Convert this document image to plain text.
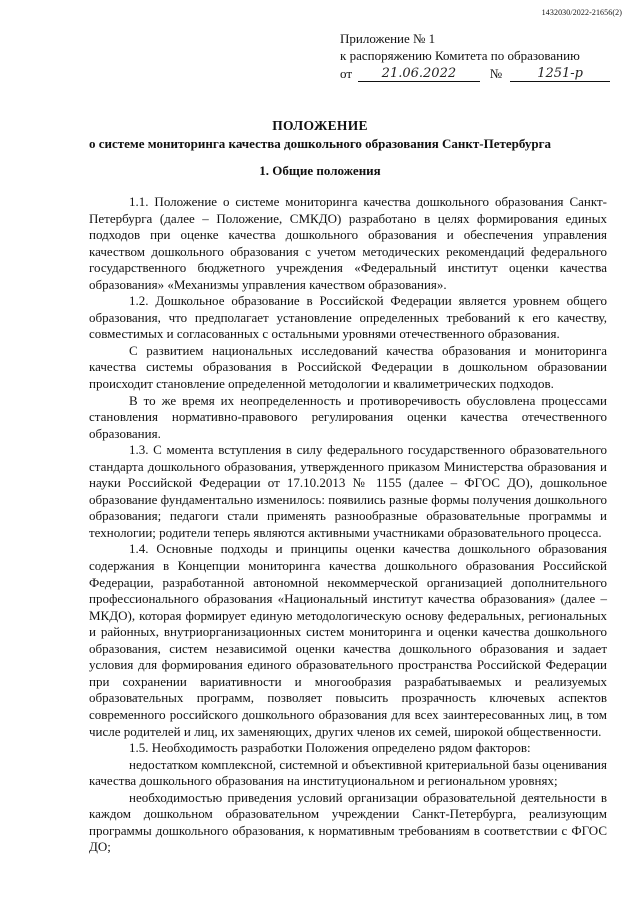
1432030/2022-21656(2)
Приложение № 1
к распоряжению Комитета по образованию
от	21.06.2022	№	1251-р
ПОЛОЖЕНИЕ
о системе мониторинга качества дошкольного образования Санкт-Петербурга
1. Общие положения

1.1. Положение о системе мониторинга качества дошкольного образования Санкт-Петербурга (далее – Положение, СМКДО) разработано в целях формирования единых подходов при оценке качества дошкольного образования и обеспечения управления качеством дошкольного образования с учетом методических рекомендаций федерального государственного бюджетного учреждения «Федеральный институт оценки качества образования» «Механизмы управления качеством образования».

1.2. Дошкольное образование в Российской Федерации является уровнем общего образования, что предполагает установление определенных требований к его качеству, совместимых и согласованных с остальными уровнями отечественного образования.

С развитием национальных исследований качества образования и мониторинга качества системы образования в Российской Федерации в дошкольном образовании происходит становление определенной методологии и квалиметрических подходов.

В то же время их неопределенность и противоречивость обусловлена процессами становления нормативно-правового регулирования оценки качества отечественного образования.

1.3. С момента вступления в силу федерального государственного образовательного стандарта дошкольного образования, утвержденного приказом Министерства образования и науки Российской Федерации от 17.10.2013 № 1155 (далее – ФГОС ДО), дошкольное образование фундаментально изменилось: появились разные формы получения дошкольного образования; педагоги стали применять разнообразные образовательные программы и технологии; родители теперь являются активными участниками образовательного процесса.

1.4. Основные подходы и принципы оценки качества дошкольного образования содержания в Концепции мониторинга качества дошкольного образования Российской Федерации, разработанной автономной некоммерческой организацией дополнительного профессионального образования «Национальный институт качества образования» (далее – МКДО), которая формирует единую методологическую основу федеральных, региональных и районных, внутриорганизационных систем мониторинга и оценки качества дошкольного образования, систем независимой оценки качества дошкольного образования и задает условия для формирования единого образовательного пространства Российской Федерации при сохранении вариативности и многообразия разрабатываемых и реализуемых образовательных программ, позволяет повысить прозрачность ключевых аспектов современного российского дошкольного образования для всех заинтересованных лиц, в том числе родителей и лиц, их заменяющих, других членов их семей, широкой общественности.

1.5. Необходимость разработки Положения определено рядом факторов:

недостатком комплексной, системной и объективной критериальной базы оценивания качества дошкольного образования на институциональном и региональном уровнях;

необходимостью приведения условий организации образовательной деятельности в каждом дошкольном образовательном учреждении Санкт-Петербурга, реализующим программы дошкольного образования, к нормативным требованиям в соответствии с ФГОС ДО;
